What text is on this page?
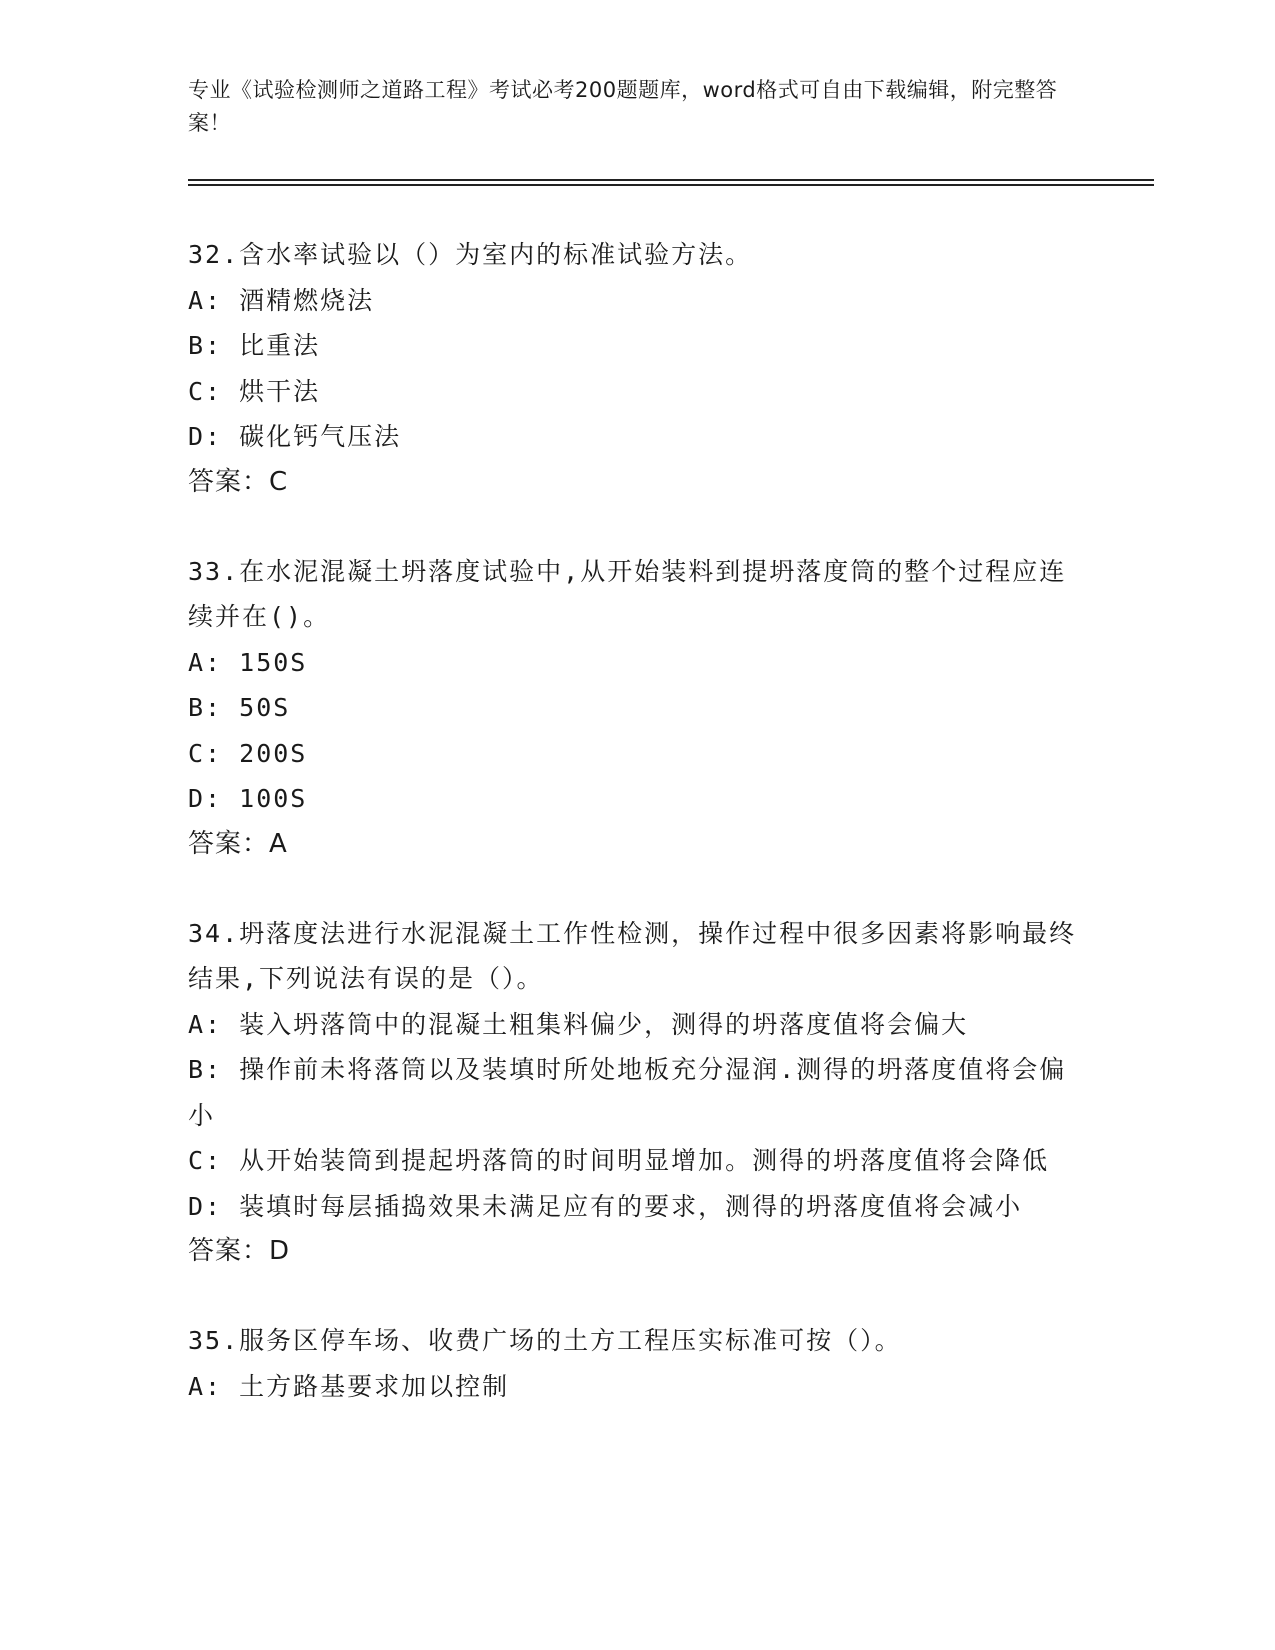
专业《试验检测师之道路工程》考试必考200题题库，word格式可自由下载编辑，附完整答案！
32.含水率试验以（）为室内的标准试验方法。
A: 酒精燃烧法
B: 比重法
C: 烘干法
D: 碳化钙气压法
答案：C
33.在水泥混凝土坍落度试验中,从开始装料到提坍落度筒的整个过程应连续并在()。
A: 150S
B: 50S
C: 200S
D: 100S
答案：A
34.坍落度法进行水泥混凝土工作性检测，操作过程中很多因素将影响最终结果,下列说法有误的是（）。
A: 装入坍落筒中的混凝土粗集料偏少，测得的坍落度值将会偏大
B: 操作前未将落筒以及装填时所处地板充分湿润.测得的坍落度值将会偏小
C: 从开始装筒到提起坍落筒的时间明显增加。测得的坍落度值将会降低
D: 装填时每层插捣效果未满足应有的要求，测得的坍落度值将会减小
答案：D
35.服务区停车场、收费广场的土方工程压实标准可按（）。
A: 土方路基要求加以控制
